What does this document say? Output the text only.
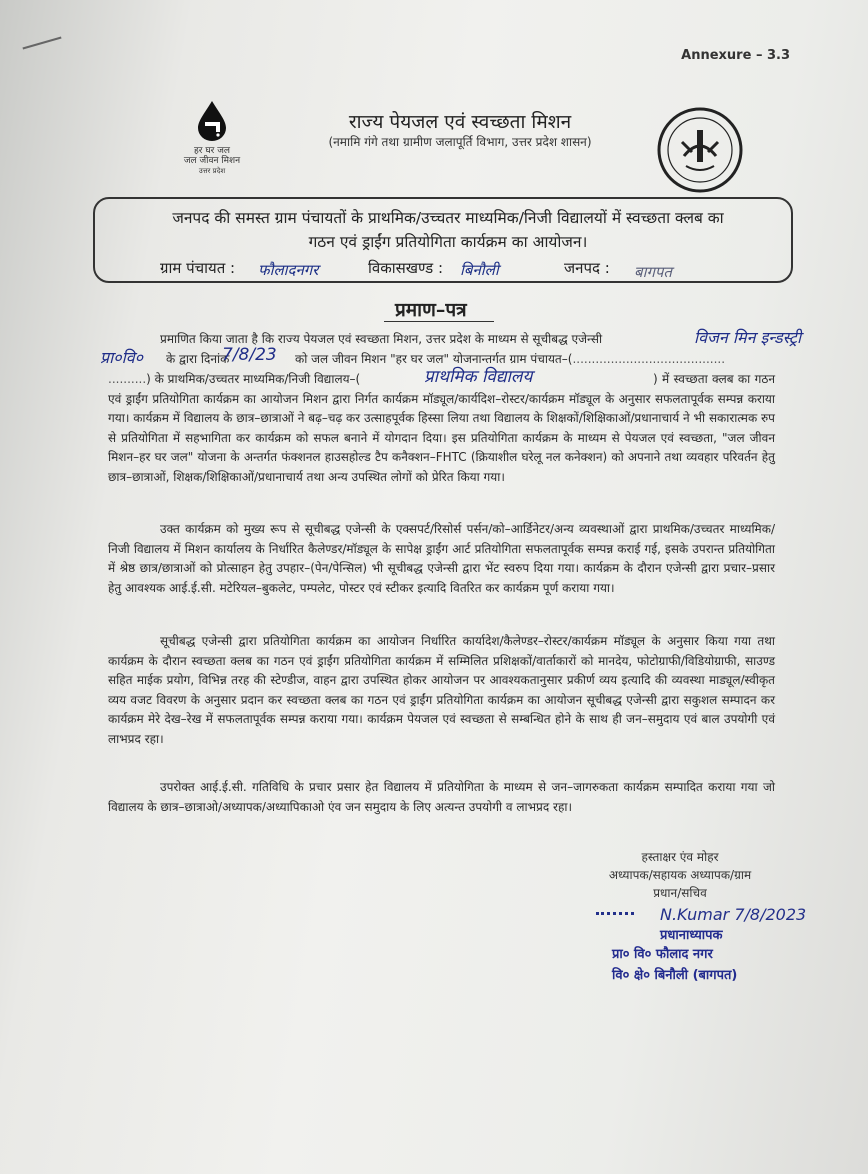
Annexure – 3.3
हर घर जल
जल जीवन मिशन
उत्तर प्रदेश
राज्य पेयजल एवं स्वच्छता मिशन
(नमामि गंगे तथा ग्रामीण जलापूर्ति विभाग, उत्तर प्रदेश शासन)
जनपद की समस्त ग्राम पंचायतों के प्राथमिक/उच्चतर माध्यमिक/निजी विद्यालयों में स्वच्छता क्लब का
गठन एवं ड्राईंग प्रतियोगिता कार्यक्रम का आयोजन।
ग्राम पंचायत : फौलादनगर	विकासखण्ड : बिनौली	जनपद : बागपत
प्रमाण–पत्र
प्रमाणित किया जाता है कि राज्य पेयजल एवं स्वच्छता मिशन, उत्तर प्रदेश के माध्यम से सूचीबद्ध एजेन्सी	विजन मिन इन्डस्ट्री
प्रा०वि० के द्वारा दिनांक	को जल जीवन मिशन "हर घर जल" योजनान्तर्गत ग्राम पंचायत–(........................................
7/8/23
..........) के प्राथमिक/उच्चतर माध्यमिक/निजी विद्यालय–(	प्राथमिक विद्यालय	) में स्वच्छता क्लब का गठन एवं ड्राईंग प्रतियोगिता कार्यक्रम का आयोजन मिशन द्वारा निर्गत कार्यक्रम मॉड्यूल/कार्यदिश–रोस्टर/कार्यक्रम मॉड्यूल के अनुसार सफलतापूर्वक सम्पन्न कराया गया। कार्यक्रम में विद्यालय के छात्र–छात्राओं ने बढ़–चढ़ कर उत्साहपूर्वक हिस्सा लिया तथा विद्यालय के शिक्षकों/शिक्षिकाओं/प्रधानाचार्य ने भी सकारात्मक रुप से प्रतियोगिता में सहभागिता कर कार्यक्रम को सफल बनाने में योगदान दिया। इस प्रतियोगिता कार्यक्रम के माध्यम से पेयजल एवं स्वच्छता, "जल जीवन मिशन–हर घर जल" योजना के अन्तर्गत फंक्शनल हाउसहोल्ड टैप कनैक्शन–FHTC (क्रियाशील घरेलू नल कनेक्शन) को अपनाने तथा व्यवहार परिवर्तन हेतु छात्र–छात्राओं, शिक्षक/शिक्षिकाओं/प्रधानाचार्य तथा अन्य उपस्थित लोगों को प्रेरित किया गया।
उक्त कार्यक्रम को मुख्य रूप से सूचीबद्ध एजेन्सी के एक्सपर्ट/रिसोर्स पर्सन/को–आर्डिनेटर/अन्य व्यवस्थाओं द्वारा प्राथमिक/उच्चतर माध्यमिक/निजी विद्यालय में मिशन कार्यालय के निर्धारित कैलेण्डर/मॉड्यूल के सापेक्ष ड्राईंग आर्ट प्रतियोगिता सफलतापूर्वक सम्पन्न कराई गई, इसके उपरान्त प्रतियोगिता में श्रेष्ठ छात्र/छात्राओं को प्रोत्साहन हेतु उपहार–(पेन/पेन्सिल) भी सूचीबद्ध एजेन्सी द्वारा भेंट स्वरुप दिया गया। कार्यक्रम के दौरान एजेन्सी द्वारा प्रचार–प्रसार हेतु आवश्यक आई.ई.सी. मटेरियल–बुकलेट, पम्पलेट, पोस्टर एवं स्टीकर इत्यादि वितरित कर कार्यक्रम पूर्ण कराया गया।
सूचीबद्ध एजेन्सी द्वारा प्रतियोगिता कार्यक्रम का आयोजन निर्धारित कार्यादेश/कैलेण्डर–रोस्टर/कार्यक्रम मॉड्यूल के अनुसार किया गया तथा कार्यक्रम के दौरान स्वच्छता क्लब का गठन एवं ड्राईंग प्रतियोगिता कार्यक्रम में सम्मिलित प्रशिक्षकों/वार्ताकारों को मानदेय, फोटोग्राफी/विडियोग्राफी, साउण्ड सहित माईक प्रयोग, विभिन्न तरह की स्टेण्डीज, वाहन द्वारा उपस्थित होकर आयोजन पर आवश्यकतानुसार प्रकीर्ण व्यय इत्यादि की व्यवस्था माड्यूल/स्वीकृत व्यय वजट विवरण के अनुसार प्रदान कर स्वच्छता क्लब का गठन एवं ड्राईंग प्रतियोगिता कार्यक्रम का आयोजन सूचीबद्ध एजेन्सी द्वारा सकुशल सम्पादन कर कार्यक्रम मेरे देख–रेख में सफलतापूर्वक सम्पन्न कराया गया। कार्यक्रम पेयजल एवं स्वच्छता से सम्बन्धित होने के साथ ही जन–समुदाय एवं बाल उपयोगी एवं लाभप्रद रहा।
उपरोक्त आई.ई.सी. गतिविधि के प्रचार प्रसार हेत विद्यालय में प्रतियोगिता के माध्यम से जन–जागरुकता कार्यक्रम सम्पादित कराया गया जो विद्यालय के छात्र–छात्राओ/अध्यापक/अध्यापिकाओ एंव जन समुदाय के लिए अत्यन्त उपयोगी व लाभप्रद रहा।
हस्ताक्षर एंव मोहर
अध्यापक/सहायक अध्यापक/ग्राम
प्रधान/सचिव
N.Kumar 7/8/2023
प्रधानाध्यापक
प्रा० वि० फौलाद नगर
वि० क्षे० बिनौली (बागपत)
